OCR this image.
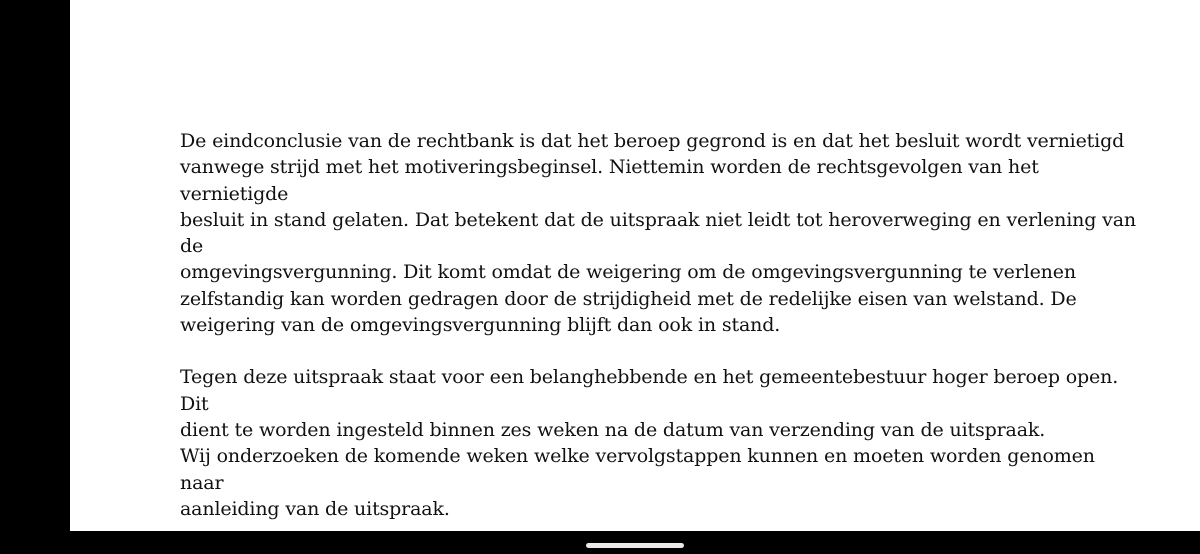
De eindconclusie van de rechtbank is dat het beroep gegrond is en dat het besluit wordt vernietigd
vanwege strijd met het motiveringsbeginsel. Niettemin worden de rechtsgevolgen van het vernietigde
besluit in stand gelaten. Dat betekent dat de uitspraak niet leidt tot heroverweging en verlening van de
omgevingsvergunning. Dit komt omdat de weigering om de omgevingsvergunning te verlenen
zelfstandig kan worden gedragen door de strijdigheid met de redelijke eisen van welstand. De
weigering van de omgevingsvergunning blijft dan ook in stand.

Tegen deze uitspraak staat voor een belanghebbende en het gemeentebestuur hoger beroep open. Dit
dient te worden ingesteld binnen zes weken na de datum van verzending van de uitspraak.
Wij onderzoeken de komende weken welke vervolgstappen kunnen en moeten worden genomen naar
aanleiding van de uitspraak.
